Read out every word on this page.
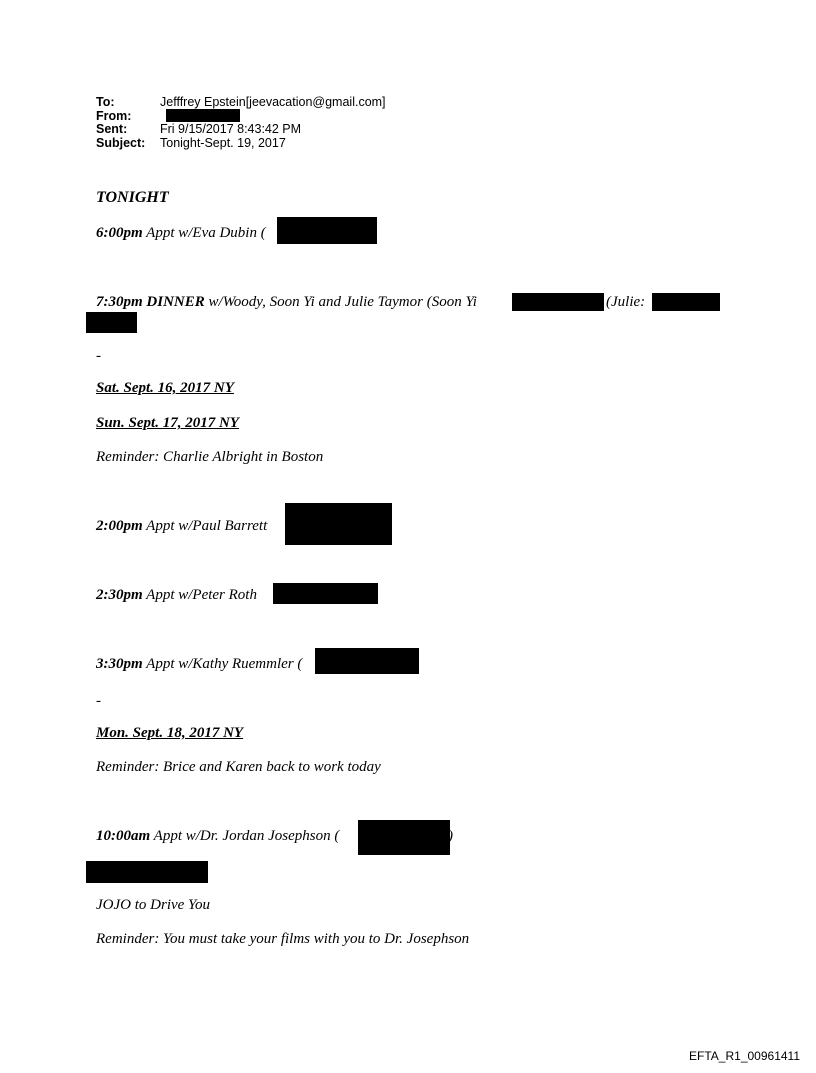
To:	Jefffrey Epstein[jeevacation@gmail.com]
From:
Sent:	Fri 9/15/2017 8:43:42 PM
Subject:	Tonight-Sept. 19, 2017
TONIGHT
6:00pm Appt w/Eva Dubin (
7:30pm DINNER w/Woody, Soon Yi and Julie Taymor (Soon Yi	(Julie:
-
Sat. Sept. 16, 2017 NY
Sun. Sept. 17, 2017 NY
Reminder: Charlie Albright in Boston
2:00pm Appt w/Paul Barrett
2:30pm Appt w/Peter Roth
3:30pm Appt w/Kathy Ruemmler (
-
Mon. Sept. 18, 2017 NY
Reminder: Brice and Karen back to work today
10:00am Appt w/Dr. Jordan Josephson (	)
JOJO to Drive You
Reminder: You must take your films with you to Dr. Josephson
EFTA_R1_00961411
